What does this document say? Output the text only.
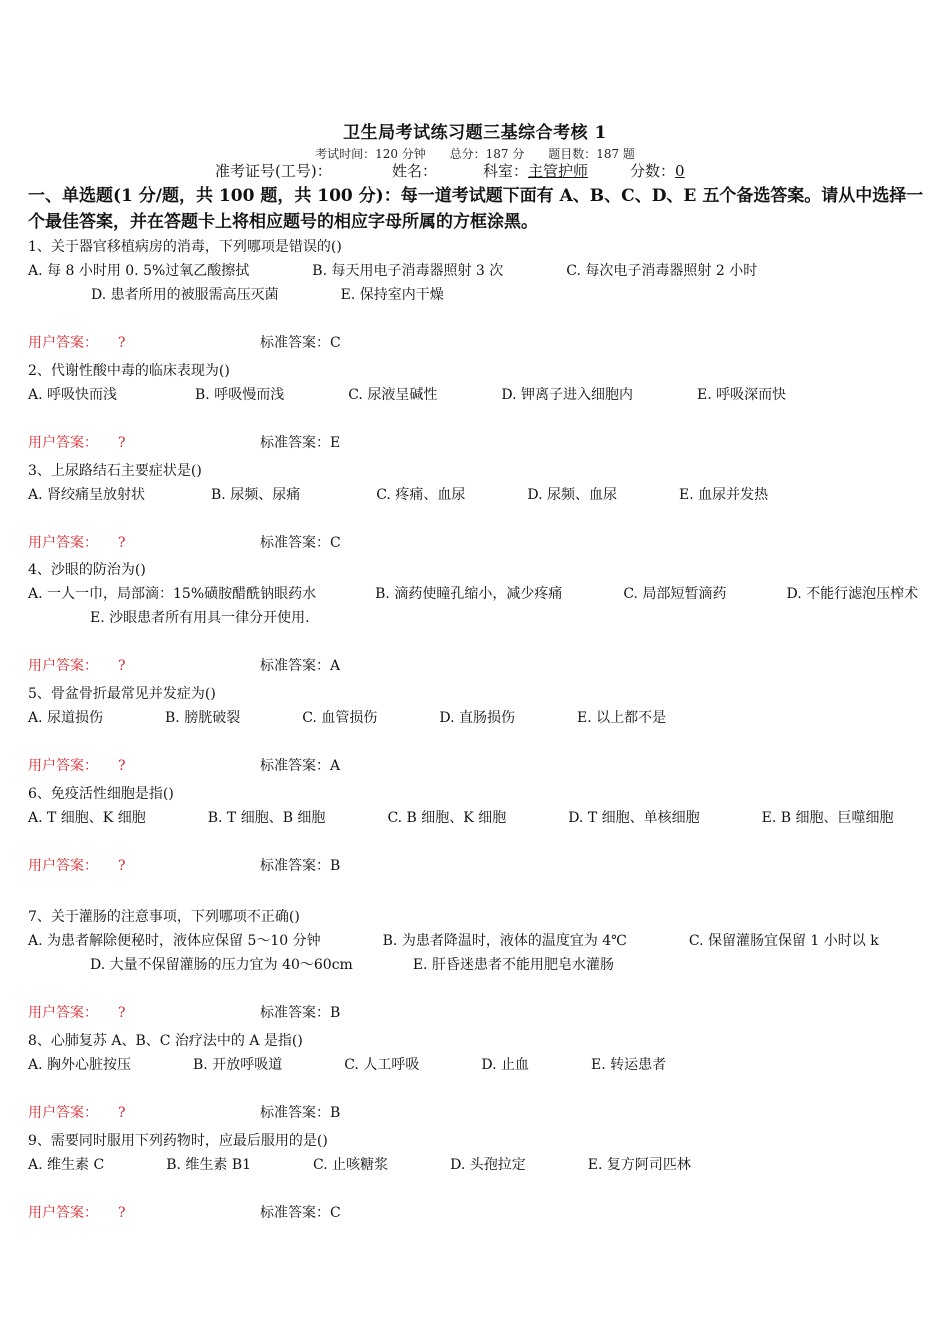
卫生局考试练习题三基综合考核 1
考试时间：120 分钟 总分：187 分 题目数：187 题
准考证号(工号)：	姓名：	科室：主管护师	分数：0
一、单选题(1 分/题，共 100 题，共 100 分)：每一道考试题下面有 A、B、C、D、E 五个备选答案。请从中选择一个最佳答案，并在答题卡上将相应题号的相应字母所属的方框涂黑。
1、关于器官移植病房的消毒，下列哪项是错误的()
A. 每 8 小时用 0. 5%过氧乙酸擦拭	B. 每天用电子消毒器照射 3 次	C. 每次电子消毒器照射 2 小时D. 患者所用的被服需高压灭菌	E. 保持室内干燥
用户答案： ?	标准答案：C
2、代谢性酸中毒的临床表现为()
A. 呼吸快而浅	B. 呼吸慢而浅	C. 尿液呈碱性	D. 钾离子进入细胞内	E. 呼吸深而快
用户答案： ?	标准答案：E
3、上尿路结石主要症状是()
A. 肾绞痛呈放射状	B. 尿频、尿痛	C. 疼痛、血尿	D. 尿频、血尿	E. 血尿并发热
用户答案： ?	标准答案：C
4、沙眼的防治为()
A. 一人一巾，局部滴：15%磺胺醋酰钠眼药水	B. 滴药使瞳孔缩小，减少疼痛	C. 局部短暂滴药	D. 不能行滤泡压榨术E. 沙眼患者所有用具一律分开使用.
用户答案： ?	标准答案：A
5、骨盆骨折最常见并发症为()
A. 尿道损伤	B. 膀胱破裂	C. 血管损伤	D. 直肠损伤	E. 以上都不是
用户答案： ?	标准答案：A
6、免疫活性细胞是指()
A. T 细胞、K 细胞	B. T 细胞、B 细胞	C. B 细胞、K 细胞	D. T 细胞、单核细胞	E. B 细胞、巨噬细胞
用户答案： ?	标准答案：B
7、关于灌肠的注意事项，下列哪项不正确()
A. 为患者解除便秘时，液体应保留 5～10 分钟	B. 为患者降温时，液体的温度宜为 4℃	C. 保留灌肠宜保留 1 小时以 kD. 大量不保留灌肠的压力宜为 40～60cm	E. 肝昏迷患者不能用肥皂水灌肠
用户答案： ?	标准答案：B
8、心肺复苏 A、B、C 治疗法中的 A 是指()
A. 胸外心脏按压	B. 开放呼吸道	C. 人工呼吸	D. 止血	E. 转运患者
用户答案： ?	标准答案：B
9、需要同时服用下列药物时，应最后服用的是()
A. 维生素 C	B. 维生素 B1	C. 止咳糖浆	D. 头孢拉定	E. 复方阿司匹林
用户答案： ?	标准答案：C
